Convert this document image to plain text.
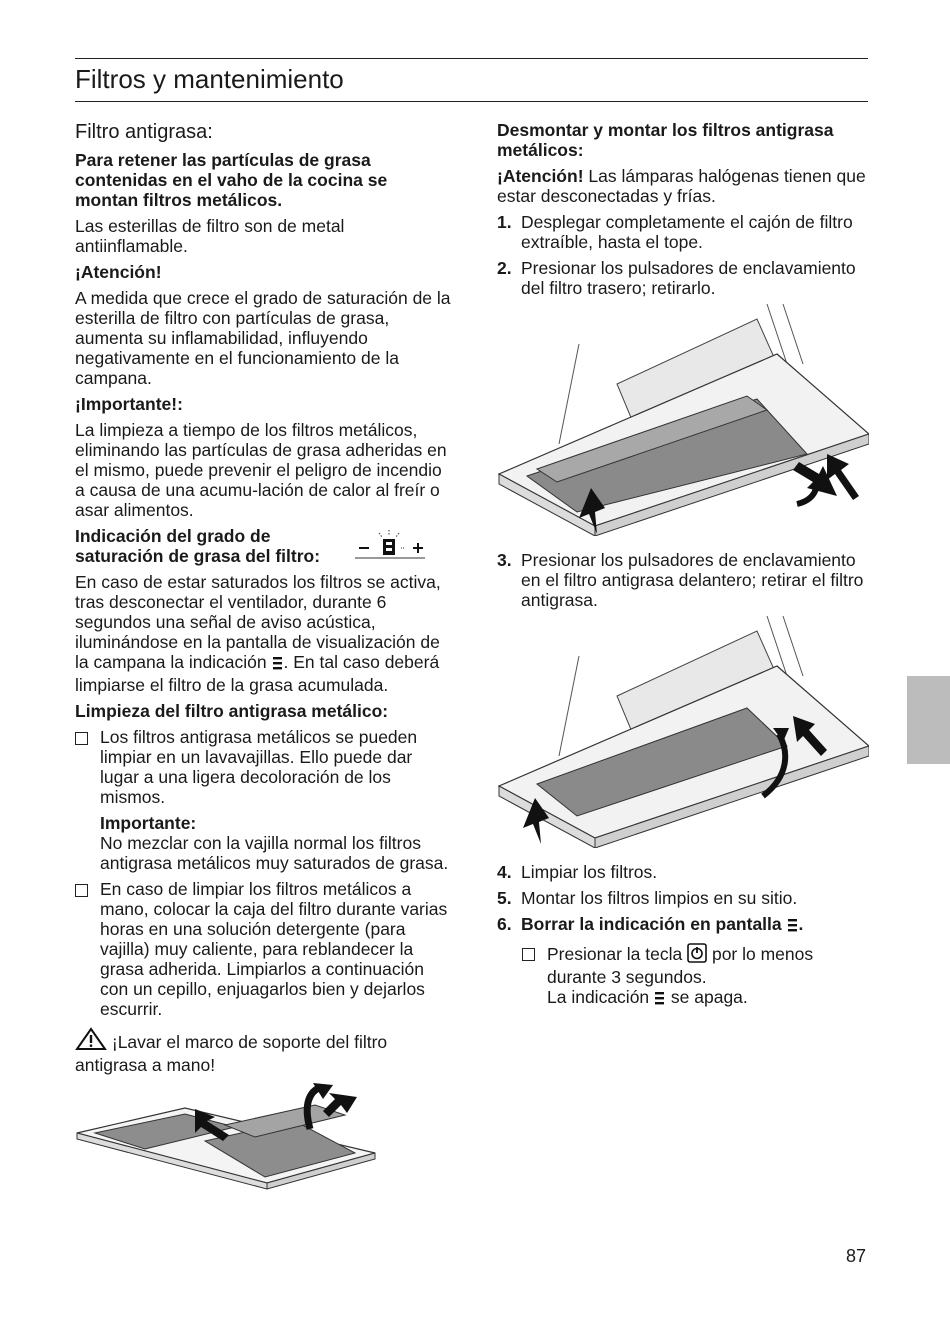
Filtros y mantenimiento
Filtro antigrasa:

Para retener las partículas de grasa contenidas en el vaho de la cocina se montan filtros metálicos.

Las esterillas de filtro son de metal antiinflamable.

¡Atención!

A medida que crece el grado de saturación de la esterilla de filtro con partículas de grasa, aumenta su inflamabilidad, influyendo negativamente en el funcionamiento de la campana.

¡Importante!:

La limpieza a tiempo de los filtros metálicos, eliminando las partículas de grasa adheridas en el mismo, puede prevenir el peligro de incendio a causa de una acumu-lación de calor al freír o asar alimentos.

Indicación del grado de saturación de grasa del filtro:

En caso de estar saturados los filtros se activa, tras desconectar el ventilador, durante 6 segundos una señal de aviso acústica, iluminándose en la pantalla de visualización de la campana la indicación . En tal caso deberá limpiarse el filtro de la grasa acumulada.

Limpieza del filtro antigrasa metálico:

Los filtros antigrasa metálicos se pueden limpiar en un lavavajillas. Ello puede dar lugar a una ligera decoloración de los mismos.
Importante:
No mezclar con la vajilla normal los filtros antigrasa metálicos muy saturados de grasa.
En caso de limpiar los filtros metálicos a mano, colocar la caja del filtro durante varias horas en una solución detergente (para vajilla) muy caliente, para reblandecer la grasa adherida. Limpiarlos a continuación con un cepillo, enjuagarlos bien y dejarlos escurrir.

¡Lavar el marco de soporte del filtro antigrasa a mano!

Desmontar y montar los filtros antigrasa metálicos:

¡Atención! Las lámparas halógenas tienen que estar desconectadas y frías.

1. Desplegar completamente el cajón de filtro extraíble, hasta el tope.
2. Presionar los pulsadores de enclavamiento del filtro trasero; retirarlo.
3. Presionar los pulsadores de enclavamiento en el filtro antigrasa delantero; retirar el filtro antigrasa.
4. Limpiar los filtros.
5. Montar los filtros limpios en su sitio.
6. Borrar la indicación en pantalla .
Presionar la tecla por lo menos durante 3 segundos.
La indicación se apaga.
87
